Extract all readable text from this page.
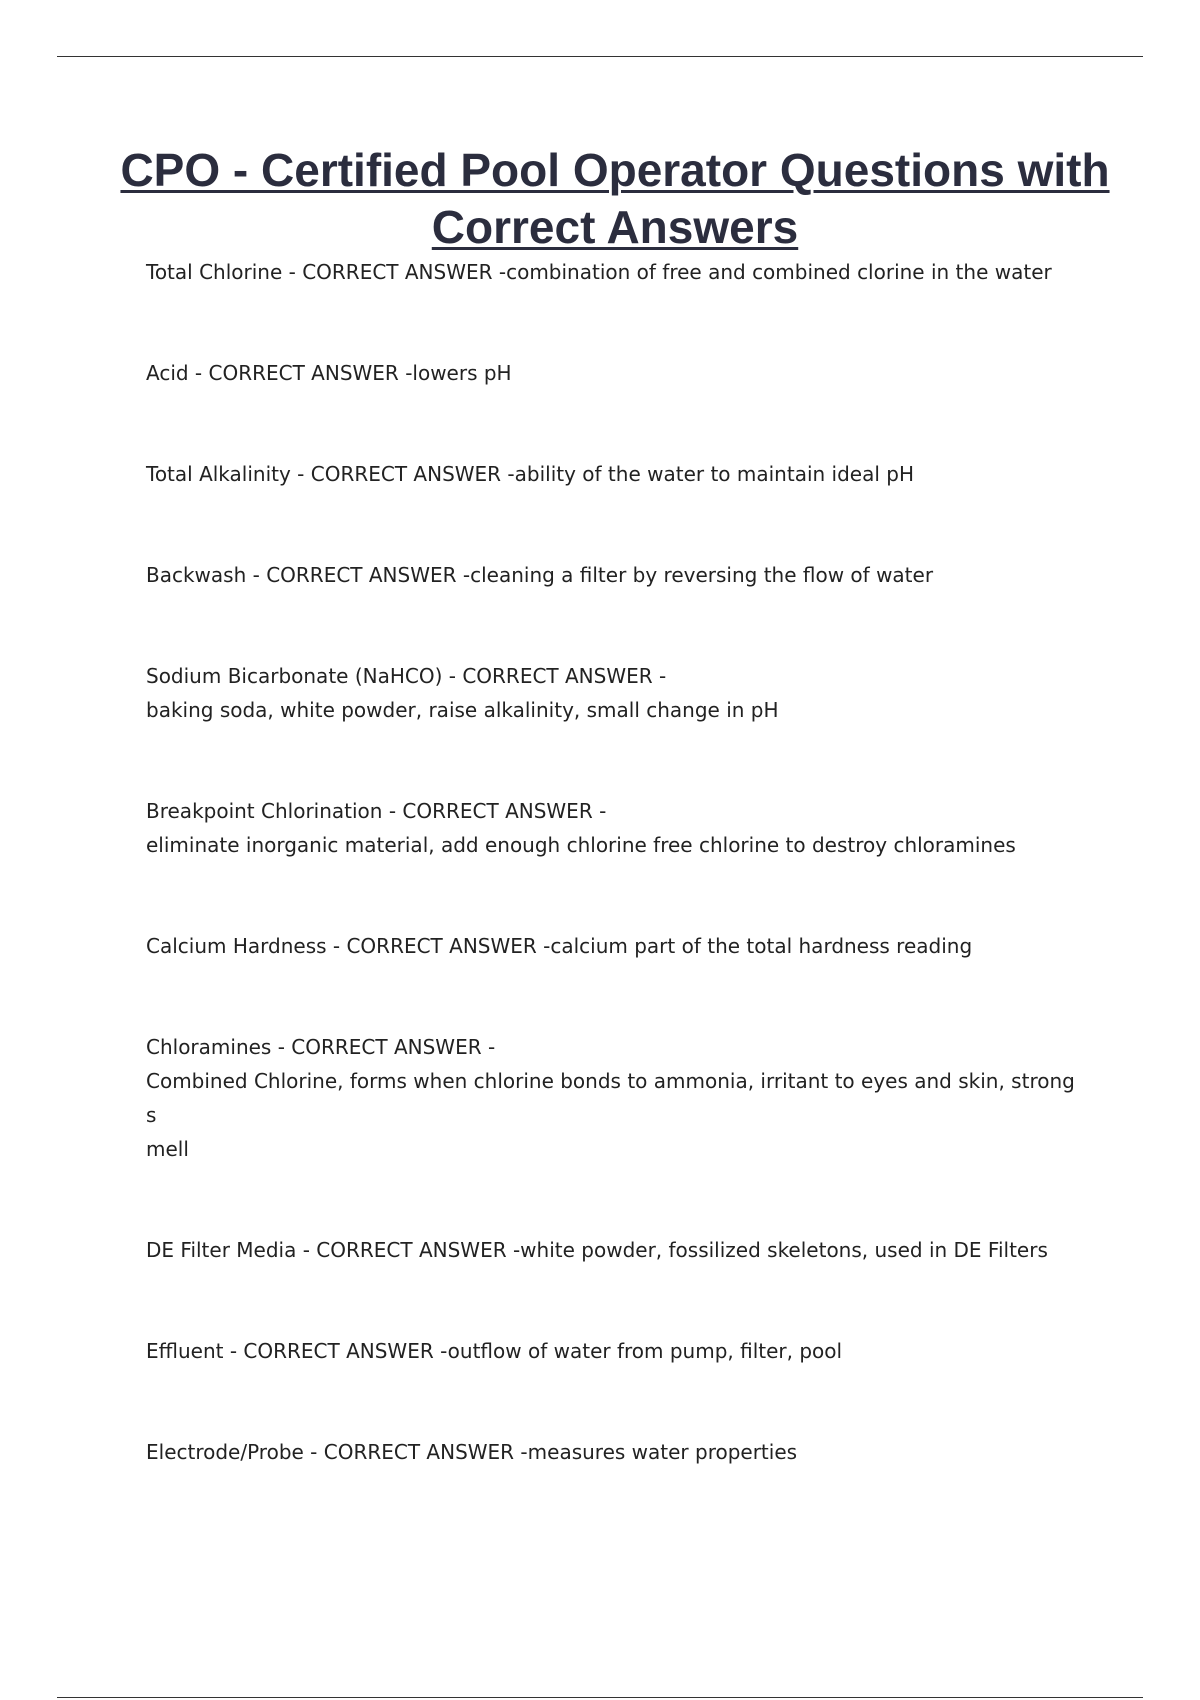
CPO - Certified Pool Operator Questions with Correct Answers
Total Chlorine - CORRECT ANSWER -combination of free and combined clorine in the water
Acid - CORRECT ANSWER -lowers pH
Total Alkalinity - CORRECT ANSWER -ability of the water to maintain ideal pH
Backwash - CORRECT ANSWER -cleaning a filter by reversing the flow of water
Sodium Bicarbonate (NaHCO) - CORRECT ANSWER -
baking soda, white powder, raise alkalinity, small change in pH
Breakpoint Chlorination - CORRECT ANSWER -
eliminate inorganic material, add enough chlorine free chlorine to destroy chloramines
Calcium Hardness - CORRECT ANSWER -calcium part of the total hardness reading
Chloramines - CORRECT ANSWER -
Combined Chlorine, forms when chlorine bonds to ammonia, irritant to eyes and skin, strong s
mell
DE Filter Media - CORRECT ANSWER -white powder, fossilized skeletons, used in DE Filters
Effluent - CORRECT ANSWER -outflow of water from pump, filter, pool
Electrode/Probe - CORRECT ANSWER -measures water properties
